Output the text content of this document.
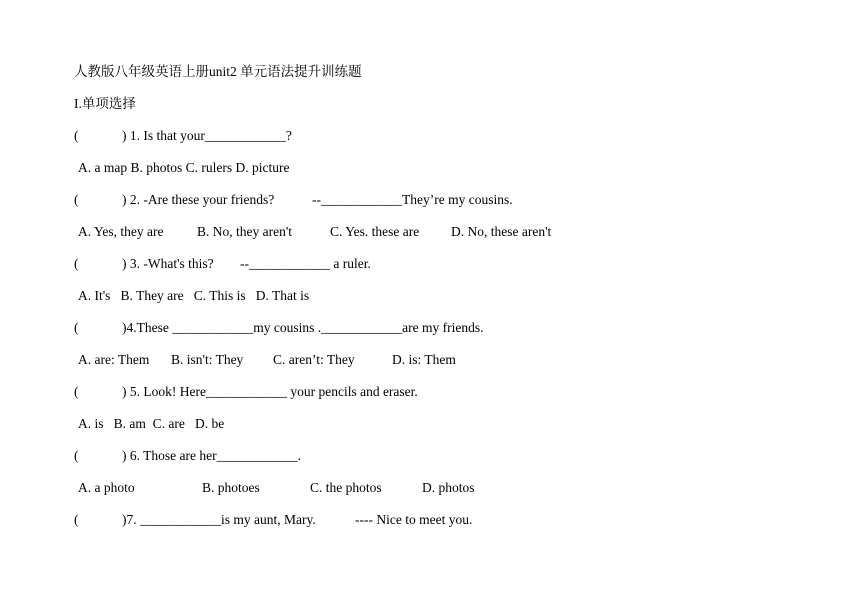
人教版八年级英语上册unit2 单元语法提升训练题
I.单项选择

(

	) 1. Is that your____________?

A. a map B. photos C. rulers D. picture

(

	) 2. -Are these your friends?

	--____________They’re my cousins.

A. Yes, they are

B. No, they aren't

	C. Yes. these are

D. No, these aren't

(

	) 3. -What's this?

--____________ a ruler.

A. It's   B. They are   C. This is   D. That is

(

	)4.These ____________my cousins .____________are my friends.

A. are: Them

B. isn't: They

C. aren’t: They

	D. is: Them

(

	) 5. Look! Here____________ your pencils and eraser.

A. is   B. am  C. are   D. be

(

	) 6. Those are her____________.

A. a photo

	B. photoes

	C. the photos

	D. photos

(

	)7. ____________is my aunt, Mary.

	---- Nice to meet you.
